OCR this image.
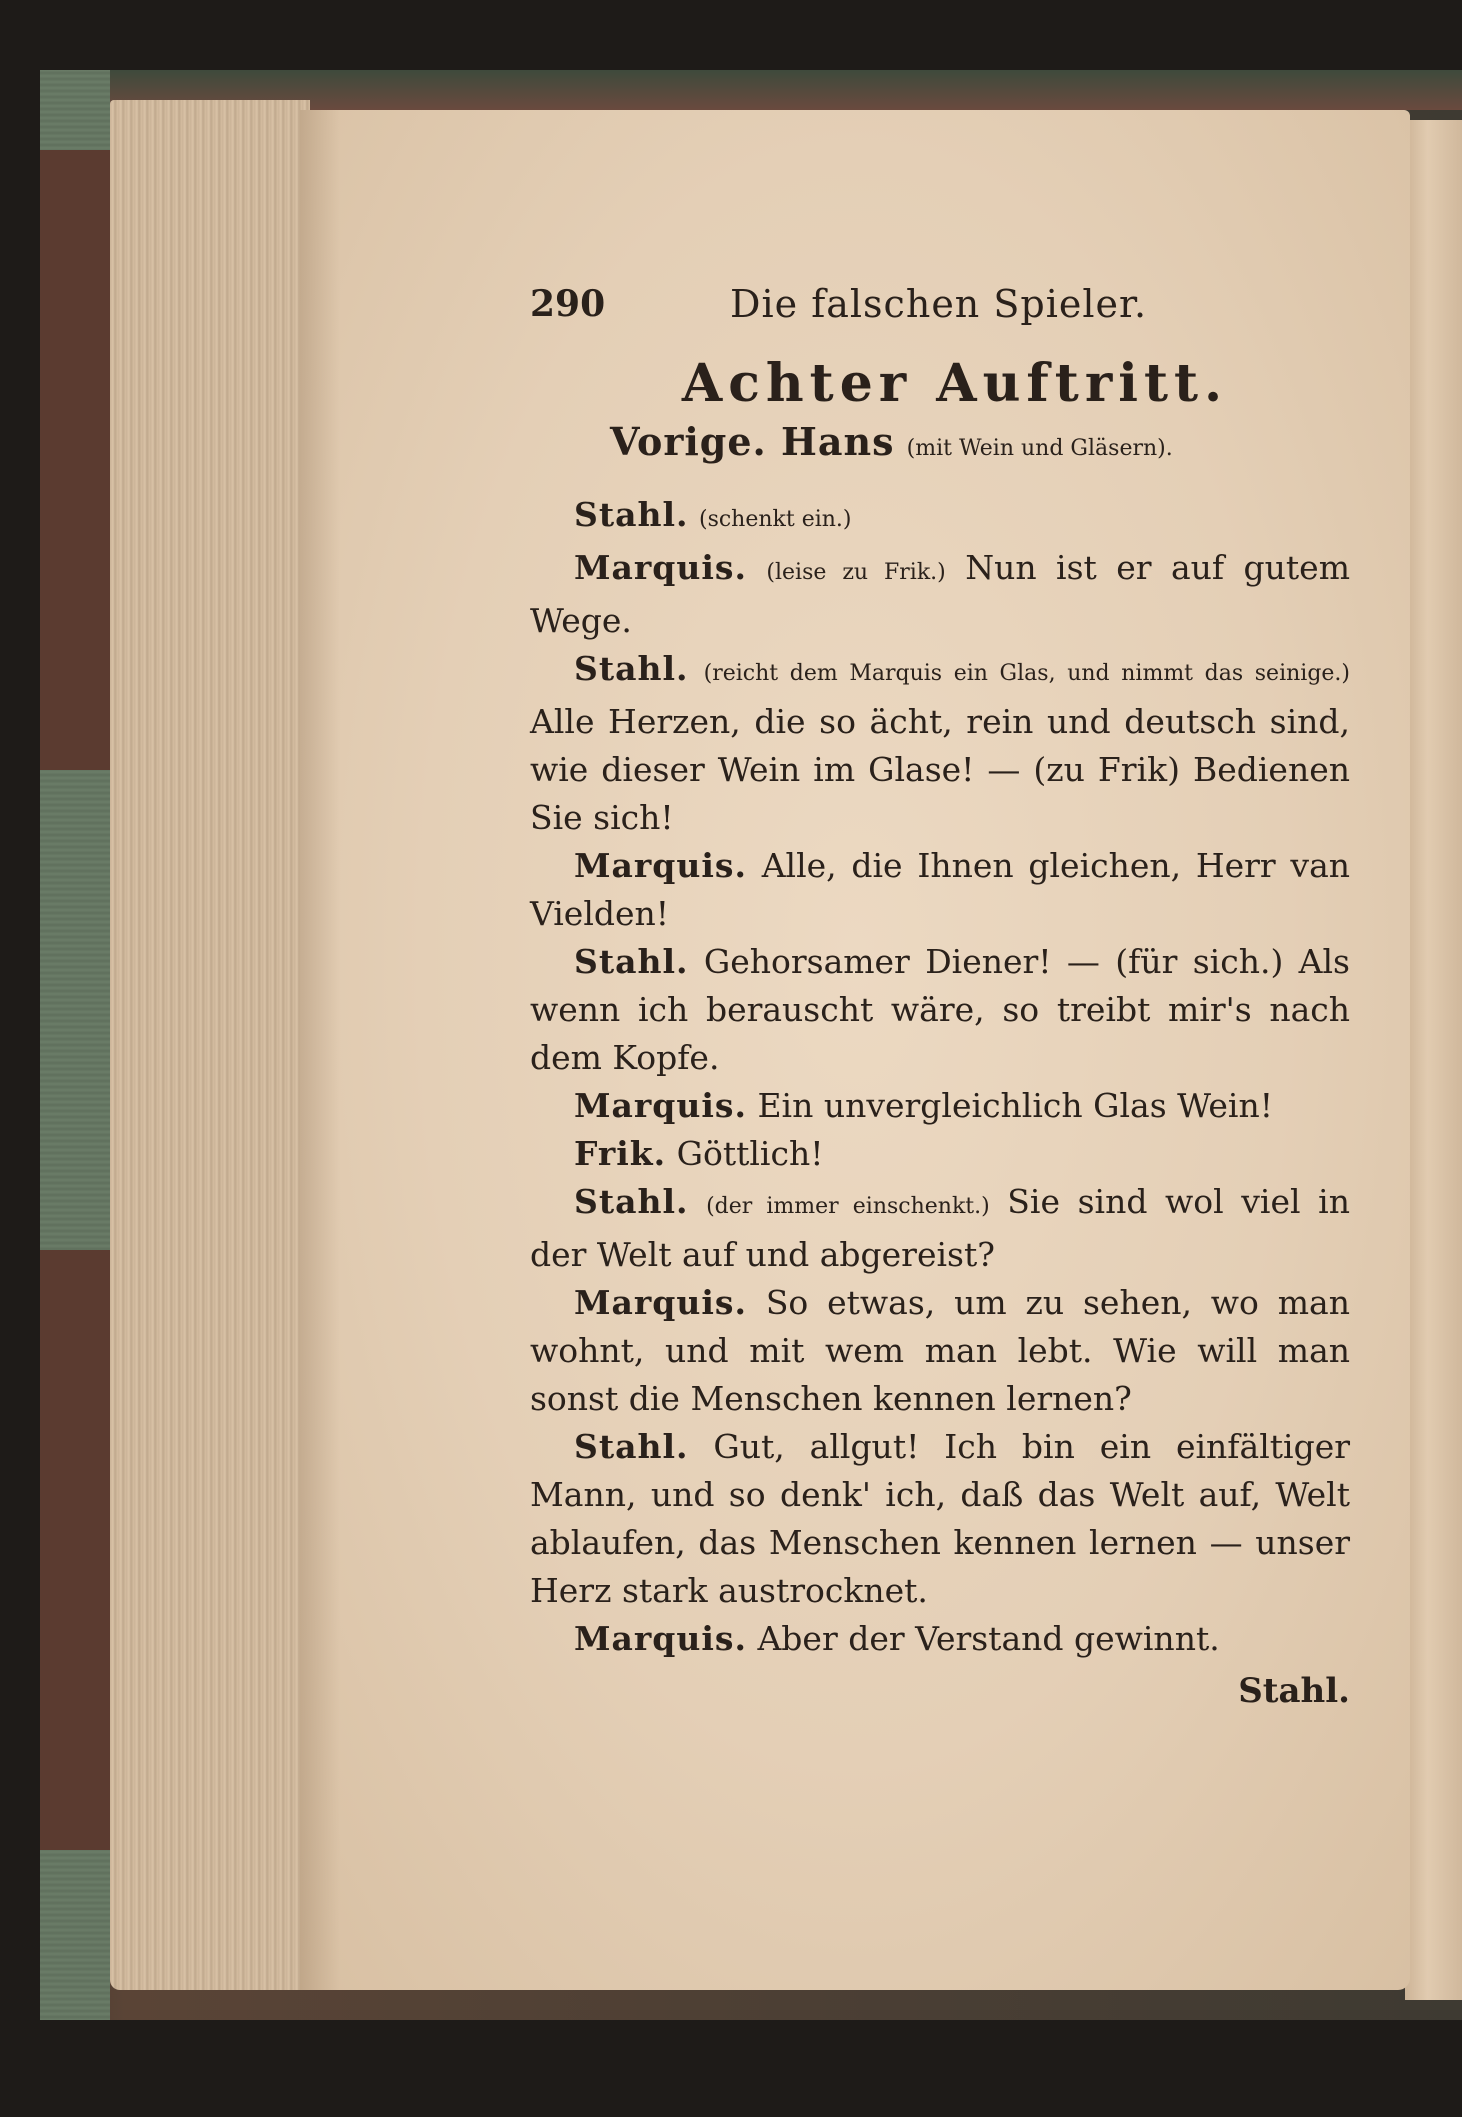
290	Die falschen Spieler.
Achter Auftritt.
Vorige. Hans (mit Wein und Gläsern).

Stahl. (schenkt ein.)

Marquis. (leise zu Frik.) Nun ist er auf gutem Wege.

Stahl. (reicht dem Marquis ein Glas, und nimmt das seinige.) Alle Herzen, die so ächt, rein und deutsch sind, wie dieser Wein im Glase! — (zu Frik) Bedienen Sie sich!

Marquis. Alle, die Ihnen gleichen, Herr van Vielden!

Stahl. Gehorsamer Diener! — (für sich.) Als wenn ich berauscht wäre, so treibt mir's nach dem Kopfe.

Marquis. Ein unvergleichlich Glas Wein!

Frik. Göttlich!

Stahl. (der immer einschenkt.) Sie sind wol viel in der Welt auf und abgereist?

Marquis. So etwas, um zu sehen, wo man wohnt, und mit wem man lebt. Wie will man sonst die Menschen kennen lernen?

Stahl. Gut, allgut! Ich bin ein einfältiger Mann, und so denk' ich, daß das Welt auf, Welt ablaufen, das Menschen kennen lernen — unser Herz stark austrocknet.

Marquis. Aber der Verstand gewinnt.

Stahl.
